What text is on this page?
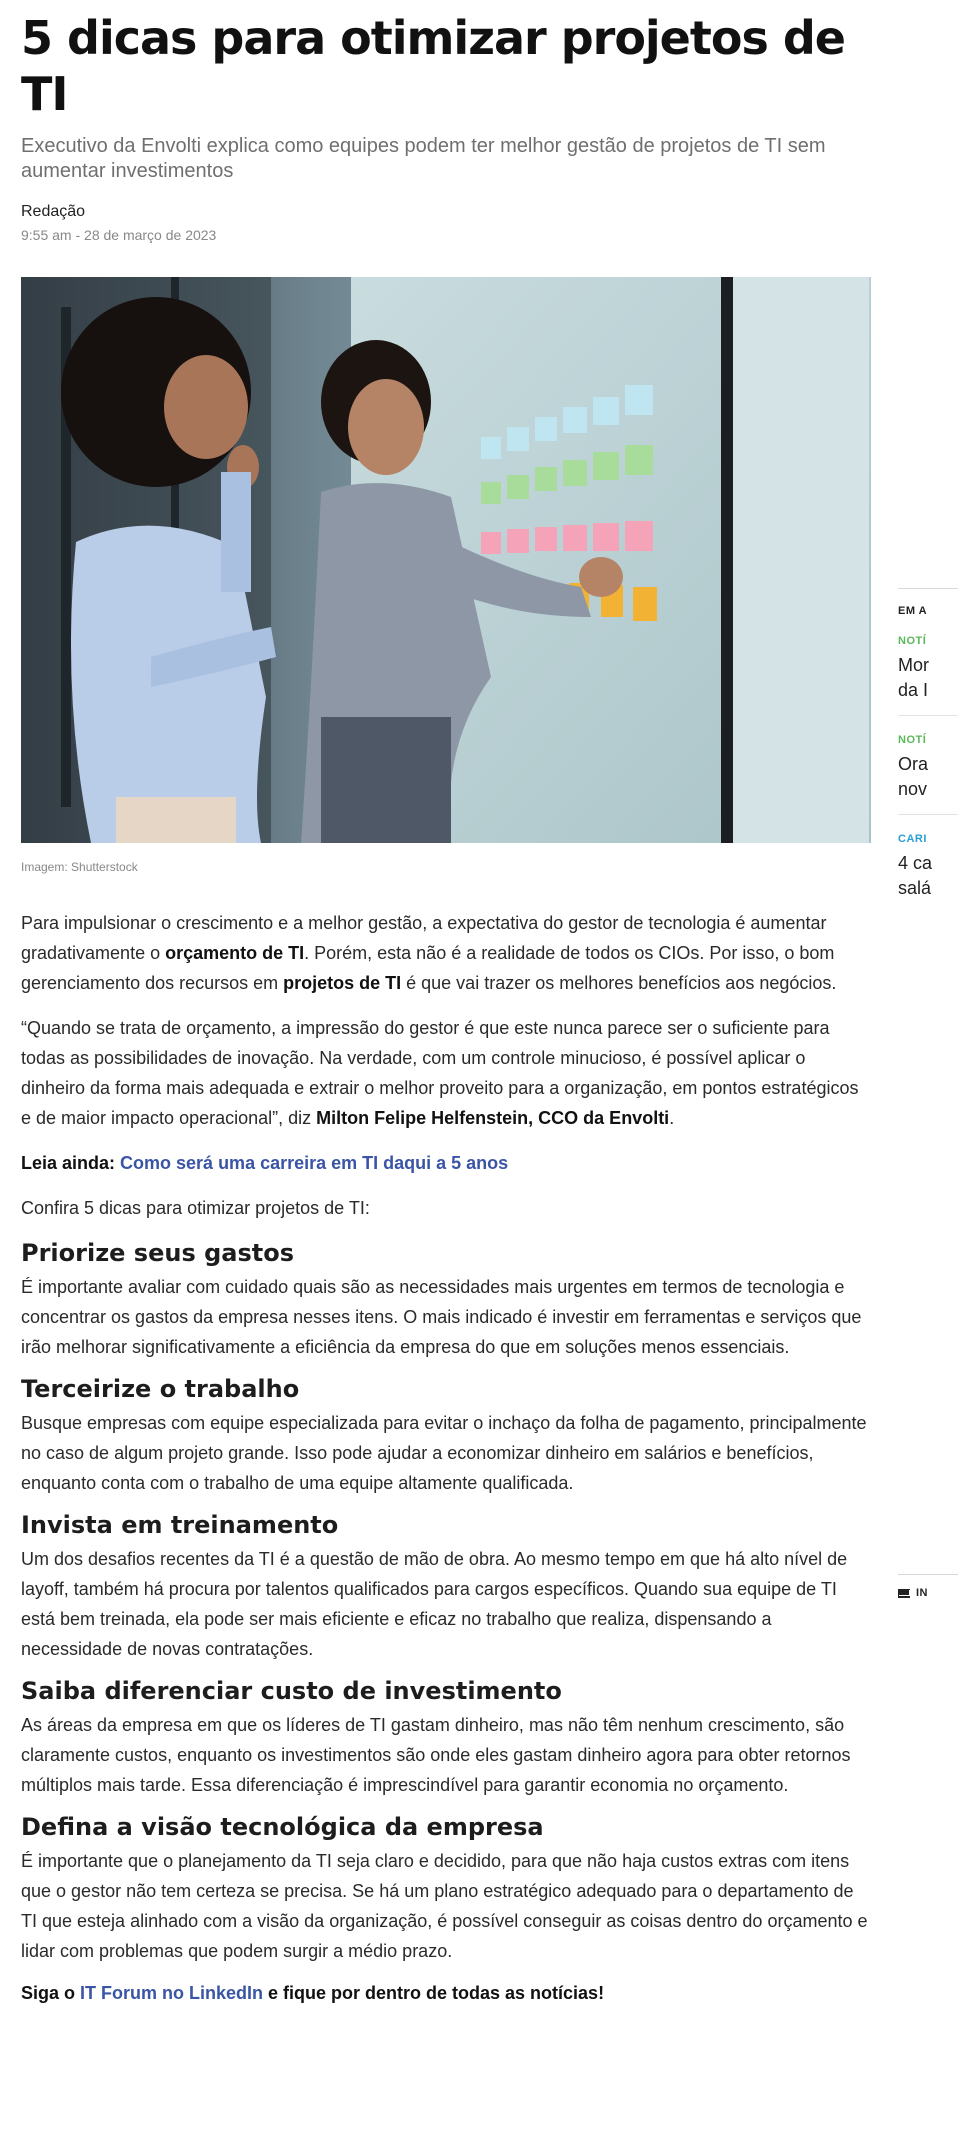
5 dicas para otimizar projetos de TI

Executivo da Envolti explica como equipes podem ter melhor gestão de projetos de TI sem aumentar investimentos

Redação
9:55 am - 28 de março de 2023
Imagem: Shutterstock

Para impulsionar o crescimento e a melhor gestão, a expectativa do gestor de tecnologia é aumentar gradativamente o orçamento de TI. Porém, esta não é a realidade de todos os CIOs. Por isso, o bom gerenciamento dos recursos em projetos de TI é que vai trazer os melhores benefícios aos negócios.

“Quando se trata de orçamento, a impressão do gestor é que este nunca parece ser o suficiente para todas as possibilidades de inovação. Na verdade, com um controle minucioso, é possível aplicar o dinheiro da forma mais adequada e extrair o melhor proveito para a organização, em pontos estratégicos e de maior impacto operacional”, diz Milton Felipe Helfenstein, CCO da Envolti.

Leia ainda: Como será uma carreira em TI daqui a 5 anos

Confira 5 dicas para otimizar projetos de TI:

Priorize seus gastos

É importante avaliar com cuidado quais são as necessidades mais urgentes em termos de tecnologia e concentrar os gastos da empresa nesses itens. O mais indicado é investir em ferramentas e serviços que irão melhorar significativamente a eficiência da empresa do que em soluções menos essenciais.

Terceirize o trabalho

Busque empresas com equipe especializada para evitar o inchaço da folha de pagamento, principalmente no caso de algum projeto grande. Isso pode ajudar a economizar dinheiro em salários e benefícios, enquanto conta com o trabalho de uma equipe altamente qualificada.

Invista em treinamento

Um dos desafios recentes da TI é a questão de mão de obra. Ao mesmo tempo em que há alto nível de layoff, também há procura por talentos qualificados para cargos específicos. Quando sua equipe de TI está bem treinada, ela pode ser mais eficiente e eficaz no trabalho que realiza, dispensando a necessidade de novas contratações.

Saiba diferenciar custo de investimento

As áreas da empresa em que os líderes de TI gastam dinheiro, mas não têm nenhum crescimento, são claramente custos, enquanto os investimentos são onde eles gastam dinheiro agora para obter retornos múltiplos mais tarde. Essa diferenciação é imprescindível para garantir economia no orçamento.

Defina a visão tecnológica da empresa

É importante que o planejamento da TI seja claro e decidido, para que não haja custos extras com itens que o gestor não tem certeza se precisa. Se há um plano estratégico adequado para o departamento de TI que esteja alinhado com a visão da organização, é possível conseguir as coisas dentro do orçamento e lidar com problemas que podem surgir a médio prazo.

Siga o IT Forum no LinkedIn e fique por dentro de todas as notícias!

EM A
NOTÍ
Mor
da I
NOTÍ
Ora
nov
CARI
4 ca
salá
IN
